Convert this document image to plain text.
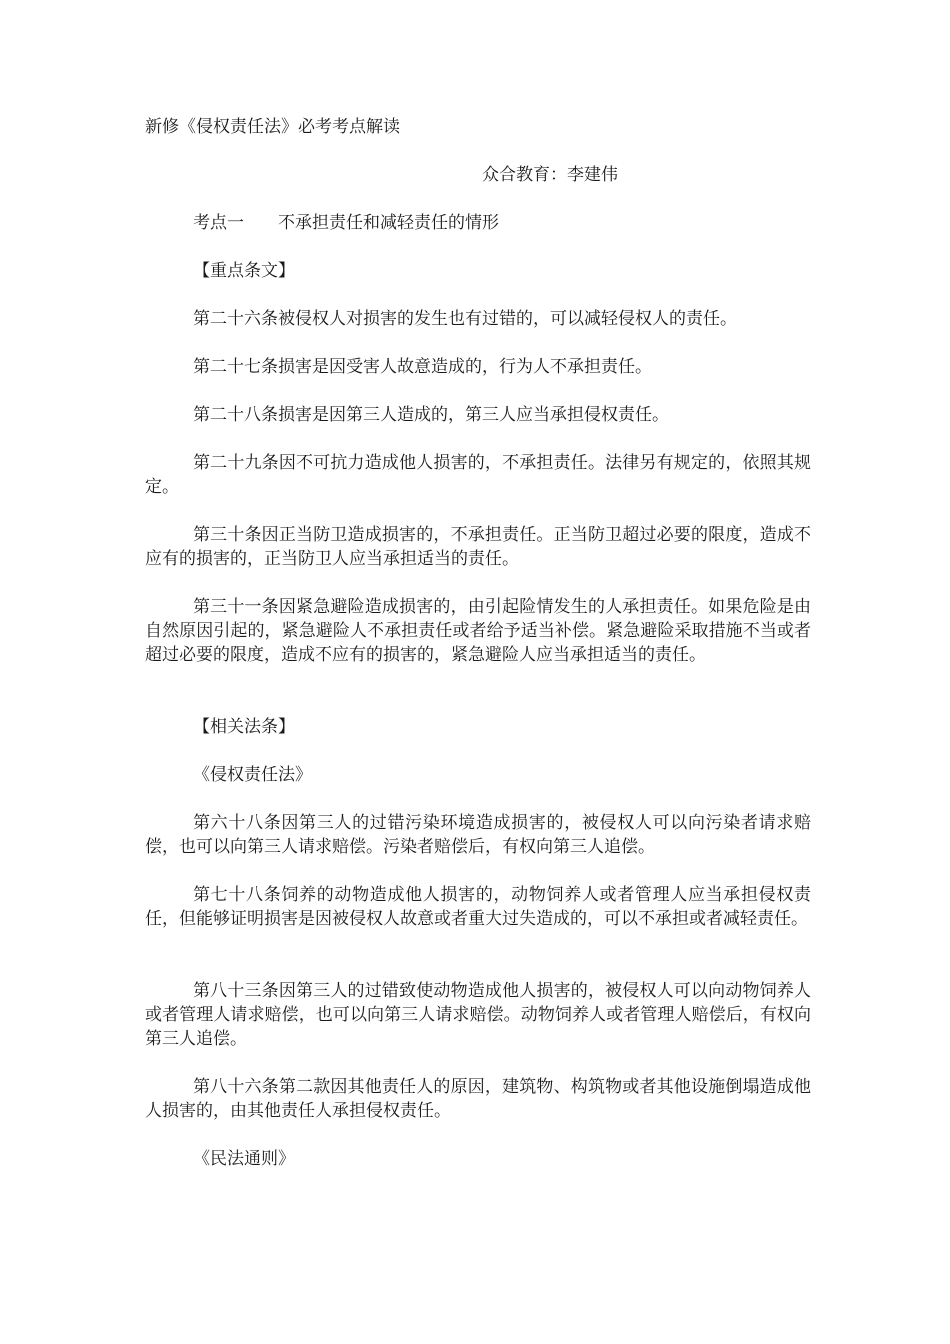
新修《侵权责任法》必考考点解读

众合教育：李建伟

考点一　　不承担责任和减轻责任的情形

【重点条文】

第二十六条被侵权人对损害的发生也有过错的，可以减轻侵权人的责任。

第二十七条损害是因受害人故意造成的，行为人不承担责任。

第二十八条损害是因第三人造成的，第三人应当承担侵权责任。

第二十九条因不可抗力造成他人损害的，不承担责任。法律另有规定的，依照其规定。

第三十条因正当防卫造成损害的，不承担责任。正当防卫超过必要的限度，造成不应有的损害的，正当防卫人应当承担适当的责任。

第三十一条因紧急避险造成损害的，由引起险情发生的人承担责任。如果危险是由自然原因引起的，紧急避险人不承担责任或者给予适当补偿。紧急避险采取措施不当或者超过必要的限度，造成不应有的损害的，紧急避险人应当承担适当的责任。

【相关法条】

《侵权责任法》

第六十八条因第三人的过错污染环境造成损害的，被侵权人可以向污染者请求赔偿，也可以向第三人请求赔偿。污染者赔偿后，有权向第三人追偿。

第七十八条饲养的动物造成他人损害的，动物饲养人或者管理人应当承担侵权责任，但能够证明损害是因被侵权人故意或者重大过失造成的，可以不承担或者减轻责任。

第八十三条因第三人的过错致使动物造成他人损害的，被侵权人可以向动物饲养人或者管理人请求赔偿，也可以向第三人请求赔偿。动物饲养人或者管理人赔偿后，有权向第三人追偿。

第八十六条第二款因其他责任人的原因，建筑物、构筑物或者其他设施倒塌造成他人损害的，由其他责任人承担侵权责任。

《民法通则》
